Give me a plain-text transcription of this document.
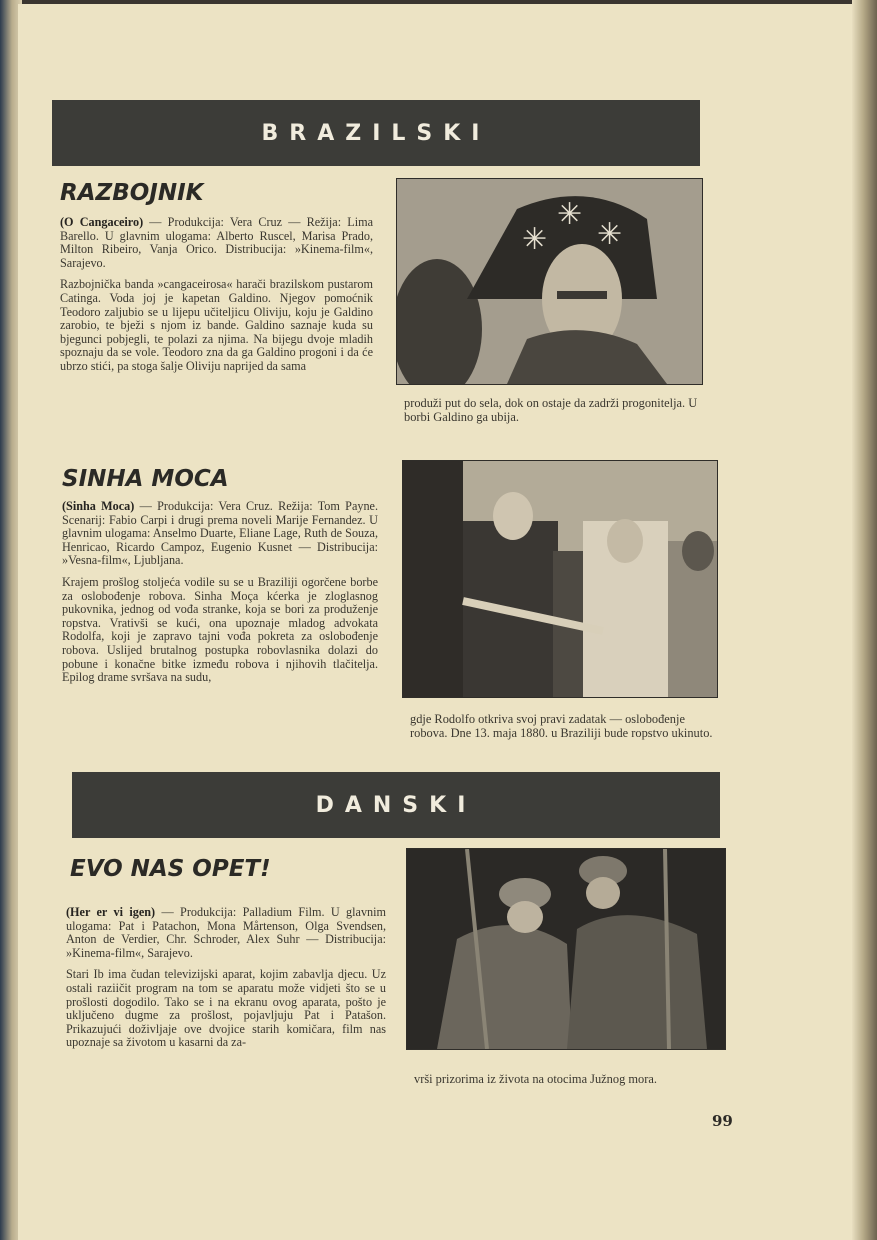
BRAZILSKI
RAZBOJNIK

(O Cangaceiro) — Produkcija: Vera Cruz — Režija: Lima Barello. U glavnim ulogama: Alberto Ruscel, Marisa Prado, Milton Ribeiro, Vanja Orico. Distribucija: »Kinema-film«, Sarajevo.

Razbojnička banda »cangaceirosa« harači brazilskom pustarom Catinga. Voda joj je kapetan Galdino. Njegov pomoćnik Teodoro zaljubio se u lijepu učiteljicu Oliviju, koju je Galdino zarobio, te bježi s njom iz bande. Galdino saznaje kuda su bjegunci pobjegli, te polazi za njima. Na bijegu dvoje mladih spoznaju da se vole. Teodoro zna da ga Galdino progoni i da će ubrzo stići, pa stoga šalje Oliviju naprijed da sama

✳
✳
✳

produži put do sela, dok on ostaje da zadrži progonitelja. U borbi Galdino ga ubija.

SINHA MOCA

(Sinha Moca) — Produkcija: Vera Cruz. Režija: Tom Payne. Scenarij: Fabio Carpi i drugi prema noveli Marije Fernandez. U glavnim ulogama: Anselmo Duarte, Eliane Lage, Ruth de Souza, Henricao, Ricardo Campoz, Eugenio Kusnet — Distribucija: »Vesna-film«, Ljubljana.

Krajem prošlog stoljeća vodile su se u Braziliji ogorčene borbe za oslobođenje robova. Sinha Moça kćerka je zloglasnog pukovnika, jednog od vođa stranke, koja se bori za produženje ropstva. Vrativši se kući, ona upoznaje mladog advokata Rodolfa, koji je zapravo tajni vođa pokreta za oslobođenje robova. Uslijed brutalnog postupka robovlasnika dolazi do pobune i konačne bitke između robova i njihovih tlačitelja. Epilog drame svršava na sudu,

gdje Rodolfo otkriva svoj pravi zadatak — oslobođenje robova. Dne 13. maja 1880. u Braziliji bude ropstvo ukinuto.

DANSKI
EVO NAS OPET!

(Her er vi igen) — Produkcija: Palladium Film. U glavnim ulogama: Pat i Patachon, Mona Mårtenson, Olga Svendsen, Anton de Verdier, Chr. Schroder, Alex Suhr — Distribucija: »Kinema-film«, Sarajevo.

Stari Ib ima čudan televizijski aparat, kojim zabavlja djecu. Uz ostali raziičit program na tom se aparatu može vidjeti što se u prošlosti dogodilo. Tako se i na ekranu ovog aparata, pošto je uključeno dugme za prošlost, pojavljuju Pat i Patašon. Prikazujući doživljaje ove dvojice starih komičara, film nas upoznaje sa životom u kasarni da za-

vrši prizorima iz života na otocima Južnog mora.

99
